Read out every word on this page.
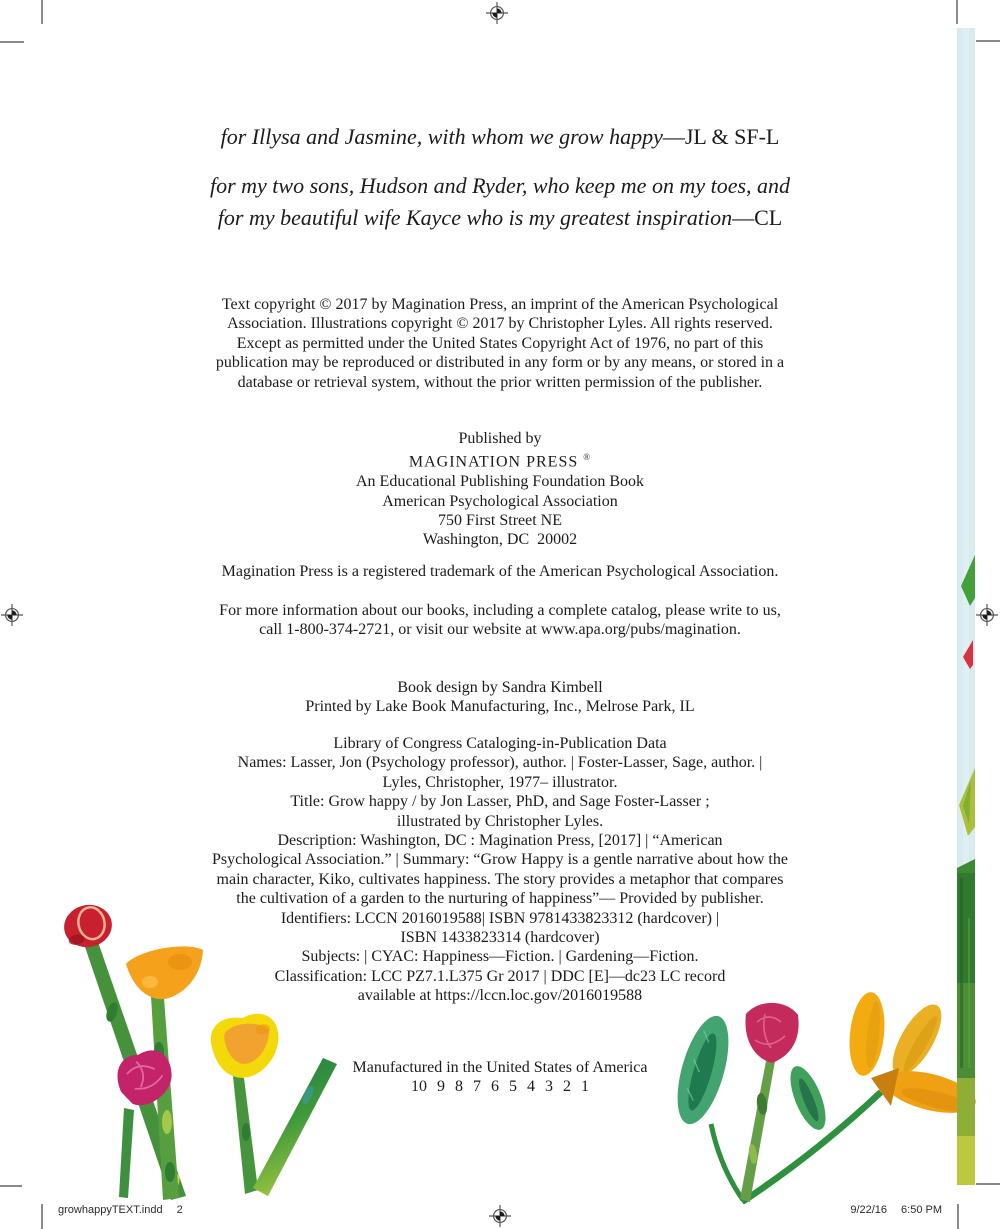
for Illysa and Jasmine, with whom we grow happy—JL & SF-L
for my two sons, Hudson and Ryder, who keep me on my toes, and
for my beautiful wife Kayce who is my greatest inspiration—CL
Text copyright © 2017 by Magination Press, an imprint of the American Psychological
Association. Illustrations copyright © 2017 by Christopher Lyles. All rights reserved.
Except as permitted under the United States Copyright Act of 1976, no part of this
publication may be reproduced or distributed in any form or by any means, or stored in a
database or retrieval system, without the prior written permission of the publisher.
Published by
MAGINATION PRESS ®
An Educational Publishing Foundation Book
American Psychological Association
750 First Street NE
Washington, DC  20002
Magination Press is a registered trademark of the American Psychological Association.
For more information about our books, including a complete catalog, please write to us,
call 1-800-374-2721, or visit our website at www.apa.org/pubs/magination.
Book design by Sandra Kimbell
Printed by Lake Book Manufacturing, Inc., Melrose Park, IL
Library of Congress Cataloging-in-Publication Data
Names: Lasser, Jon (Psychology professor), author. | Foster-Lasser, Sage, author. |
Lyles, Christopher, 1977– illustrator.
Title: Grow happy / by Jon Lasser, PhD, and Sage Foster-Lasser ;
illustrated by Christopher Lyles.
Description: Washington, DC : Magination Press, [2017] | “American
Psychological Association.” | Summary: “Grow Happy is a gentle narrative about how the
main character, Kiko, cultivates happiness. The story provides a metaphor that compares
the cultivation of a garden to the nurturing of happiness”— Provided by publisher.
Identifiers: LCCN 2016019588| ISBN 9781433823312 (hardcover) |
ISBN 1433823314 (hardcover)
Subjects: | CYAC: Happiness—Fiction. | Gardening—Fiction.
Classification: LCC PZ7.1.L375 Gr 2017 | DDC [E]—dc23 LC record
available at https://lccn.loc.gov/2016019588
Manufactured in the United States of America
10 9 8 7 6 5 4 3 2 1
growhappyTEXT.indd 2	9/22/16 6:50 PM
